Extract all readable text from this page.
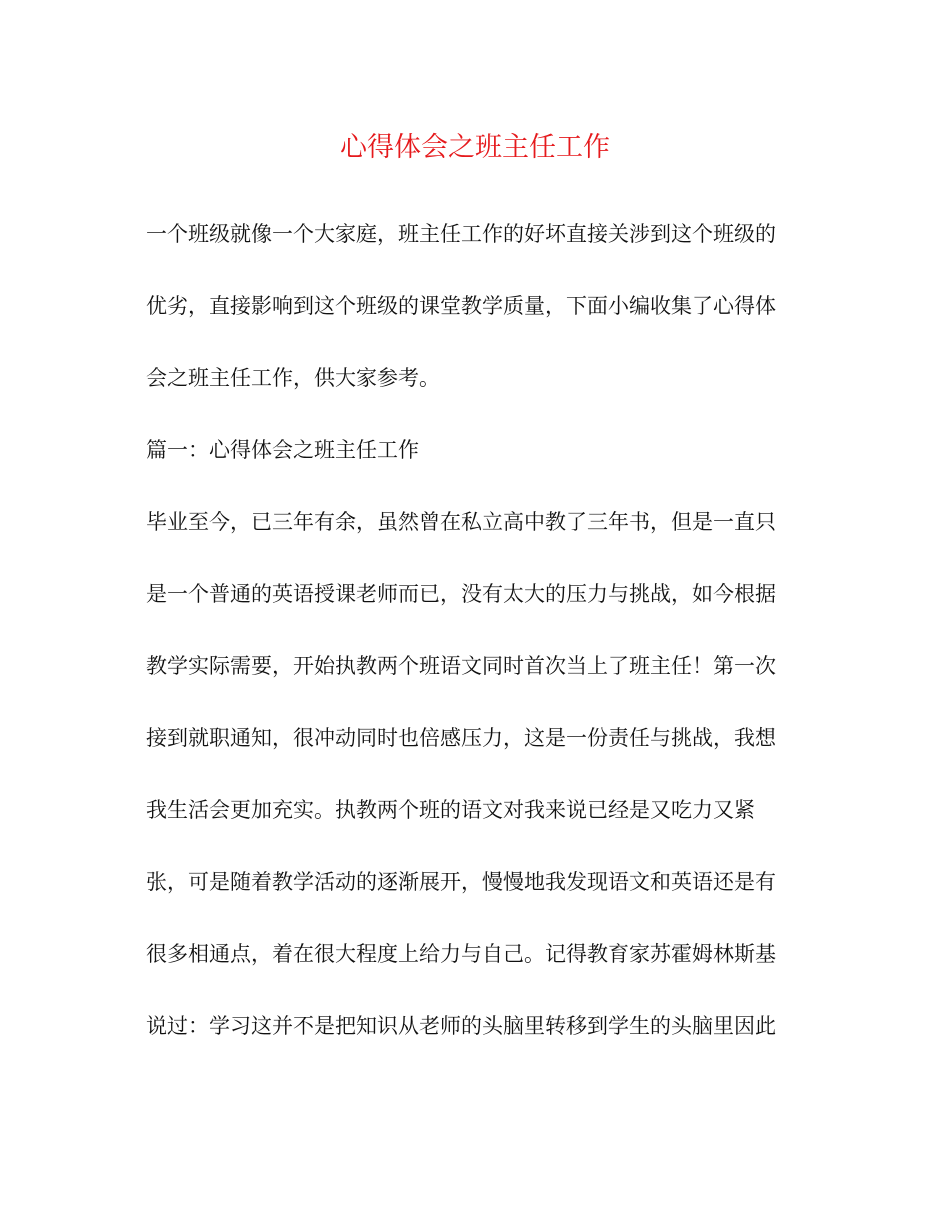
心得体会之班主任工作

一个班级就像一个大家庭，班主任工作的好坏直接关涉到这个班级的

优劣，直接影响到这个班级的课堂教学质量，下面小编收集了心得体

会之班主任工作，供大家参考。

篇一：心得体会之班主任工作

毕业至今，已三年有余，虽然曾在私立高中教了三年书，但是一直只

是一个普通的英语授课老师而已，没有太大的压力与挑战，如今根据

教学实际需要，开始执教两个班语文同时首次当上了班主任！第一次

接到就职通知，很冲动同时也倍感压力，这是一份责任与挑战，我想

我生活会更加充实。执教两个班的语文对我来说已经是又吃力又紧

张，可是随着教学活动的逐渐展开，慢慢地我发现语文和英语还是有

很多相通点，着在很大程度上给力与自己。记得教育家苏霍姆林斯基

说过：学习这并不是把知识从老师的头脑里转移到学生的头脑里因此
